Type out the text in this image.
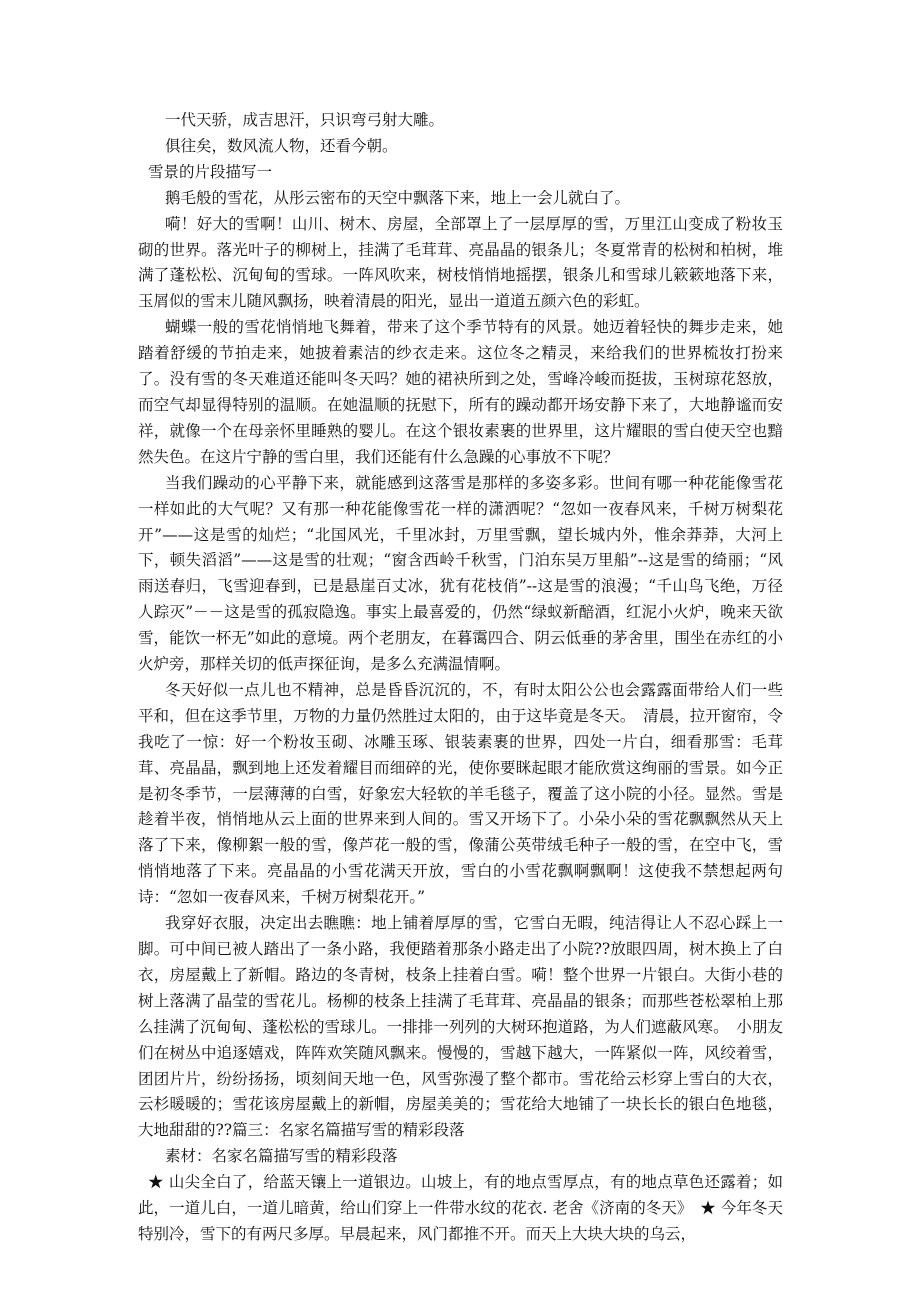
一代天骄，成吉思汗，只识弯弓射大雕。

俱往矣，数风流人物，还看今朝。

雪景的片段描写一

鹅毛般的雪花，从彤云密布的天空中飘落下来，地上一会儿就白了。

嗬！好大的雪啊！山川、树木、房屋，全部罩上了一层厚厚的雪，万里江山变成了粉妆玉砌的世界。落光叶子的柳树上，挂满了毛茸茸、亮晶晶的银条儿；冬夏常青的松树和柏树，堆满了蓬松松、沉甸甸的雪球。一阵风吹来，树枝悄悄地摇摆，银条儿和雪球儿簌簌地落下来，玉屑似的雪末儿随风飘扬，映着清晨的阳光，显出一道道五颜六色的彩虹。

蝴蝶一般的雪花悄悄地飞舞着，带来了这个季节特有的风景。她迈着轻快的舞步走来，她踏着舒缓的节拍走来，她披着素洁的纱衣走来。这位冬之精灵，来给我们的世界梳妆打扮来了。没有雪的冬天难道还能叫冬天吗？她的裙袂所到之处，雪峰冷峻而挺拔，玉树琼花怒放，而空气却显得特别的温顺。在她温顺的抚慰下，所有的躁动都开场安静下来了，大地静谧而安祥，就像一个在母亲怀里睡熟的婴儿。在这个银妆素裹的世界里，这片耀眼的雪白使天空也黯然失色。在这片宁静的雪白里，我们还能有什么急躁的心事放不下呢？

当我们躁动的心平静下来，就能感到这落雪是那样的多姿多彩。世间有哪一种花能像雪花一样如此的大气呢？又有那一种花能像雪花一样的潇洒呢？“忽如一夜春风来，千树万树梨花开”——这是雪的灿烂；“北国风光，千里冰封，万里雪飘，望长城内外，惟余莽莽，大河上下，顿失滔滔”——这是雪的壮观；“窗含西岭千秋雪，门泊东吴万里船”--这是雪的绮丽；“风雨送春归，飞雪迎春到，已是悬崖百丈冰，犹有花枝俏”--这是雪的浪漫；“千山鸟飞绝，万径人踪灭”－－这是雪的孤寂隐逸。事实上最喜爱的，仍然“绿蚁新醅酒，红泥小火炉，晚来天欲雪，能饮一杯无”如此的意境。两个老朋友，在暮霭四合、阴云低垂的茅舍里，围坐在赤红的小火炉旁，那样关切的低声探征询，是多么充满温情啊。

冬天好似一点儿也不精神，总是昏昏沉沉的，不，有时太阳公公也会露露面带给人们一些平和，但在这季节里，万物的力量仍然胜过太阳的，由于这毕竟是冬天。　清晨，拉开窗帘，令我吃了一惊：好一个粉妆玉砌、冰雕玉琢、银装素裹的世界，四处一片白，细看那雪：毛茸茸、亮晶晶，飘到地上还发着耀目而细碎的光，使你要眯起眼才能欣赏这绚丽的雪景。如今正是初冬季节，一层薄薄的白雪，好象宏大轻软的羊毛毯子，覆盖了这小院的小径。显然。雪是趁着半夜，悄悄地从云上面的世界来到人间的。雪又开场下了。小朵小朵的雪花飘飘然从天上落了下来，像柳絮一般的雪，像芦花一般的雪，像蒲公英带绒毛种子一般的雪，在空中飞，雪悄悄地落了下来。亮晶晶的小雪花满天开放，雪白的小雪花飘啊飘啊！这使我不禁想起两句诗：“忽如一夜春风来，千树万树梨花开。”

我穿好衣服，决定出去瞧瞧：地上铺着厚厚的雪，它雪白无暇，纯洁得让人不忍心踩上一脚。可中间已被人踏出了一条小路，我便踏着那条小路走出了小院??放眼四周，树木换上了白衣，房屋戴上了新帽。路边的冬青树，枝条上挂着白雪。嗬！整个世界一片银白。大街小巷的树上落满了晶莹的雪花儿。杨柳的枝条上挂满了毛茸茸、亮晶晶的银条；而那些苍松翠柏上那么挂满了沉甸甸、蓬松松的雪球儿。一排排一列列的大树环抱道路，为人们遮蔽风寒。　小朋友们在树丛中追逐嬉戏，阵阵欢笑随风飘来。慢慢的，雪越下越大，一阵紧似一阵，风绞着雪，团团片片，纷纷扬扬，顷刻间天地一色，风雪弥漫了整个都市。雪花给云杉穿上雪白的大衣，云杉暖暖的；雪花该房屋戴上的新帽，房屋美美的；雪花给大地铺了一块长长的银白色地毯，大地甜甜的??篇三：名家名篇描写雪的精彩段落

素材：名家名篇描写雪的精彩段落

★ 山尖全白了，给蓝天镶上一道银边。山坡上，有的地点雪厚点，有的地点草色还露着；如此，一道儿白，一道儿暗黄，给山们穿上一件带水纹的花衣. 老舍《济南的冬天》　★ 今年冬天特别冷，雪下的有两尺多厚。早晨起来，风门都推不开。而天上大块大块的乌云，
